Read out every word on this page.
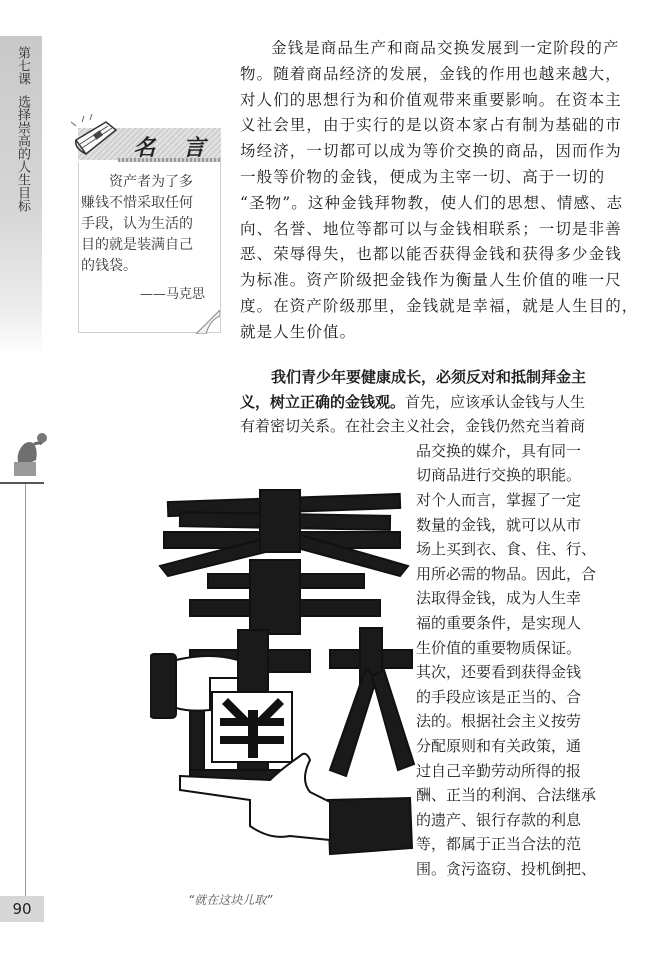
第七课选择崇高的人生目标	名 言
资产者为了多
赚钱不惜采取任何
手段，认为生活的
目的就是装满自己
的钱袋。
——马克思
90
金钱是商品生产和商品交换发展到一定阶段的产
物。随着商品经济的发展，金钱的作用也越来越大，
对人们的思想行为和价值观带来重要影响。在资本主
义社会里，由于实行的是以资本家占有制为基础的市
场经济，一切都可以成为等价交换的商品，因而作为
一般等价物的金钱，便成为主宰一切、高于一切的
“圣物”。这种金钱拜物教，使人们的思想、情感、志
向、名誉、地位等都可以与金钱相联系；一切是非善
恶、荣辱得失，也都以能否获得金钱和获得多少金钱
为标准。资产阶级把金钱作为衡量人生价值的唯一尺
度。在资产阶级那里，金钱就是幸福，就是人生目的，
就是人生价值。
我们青少年要健康成长，必须反对和抵制拜金主
义，树立正确的金钱观。首先，应该承认金钱与人生
有着密切关系。在社会主义社会，金钱仍然充当着商
品交换的媒介，具有同一
切商品进行交换的职能。
对个人而言，掌握了一定
数量的金钱，就可以从市
场上买到衣、食、住、行、
用所必需的物品。因此，合
法取得金钱，成为人生幸
福的重要条件，是实现人
生价值的重要物质保证。
其次，还要看到获得金钱
的手段应该是正当的、合
法的。根据社会主义按劳
分配原则和有关政策，通
过自己辛勤劳动所得的报
酬、正当的利润、合法继承
的遗产、银行存款的利息
等，都属于正当合法的范
围。贪污盗窃、投机倒把、
“就在这块儿取”
